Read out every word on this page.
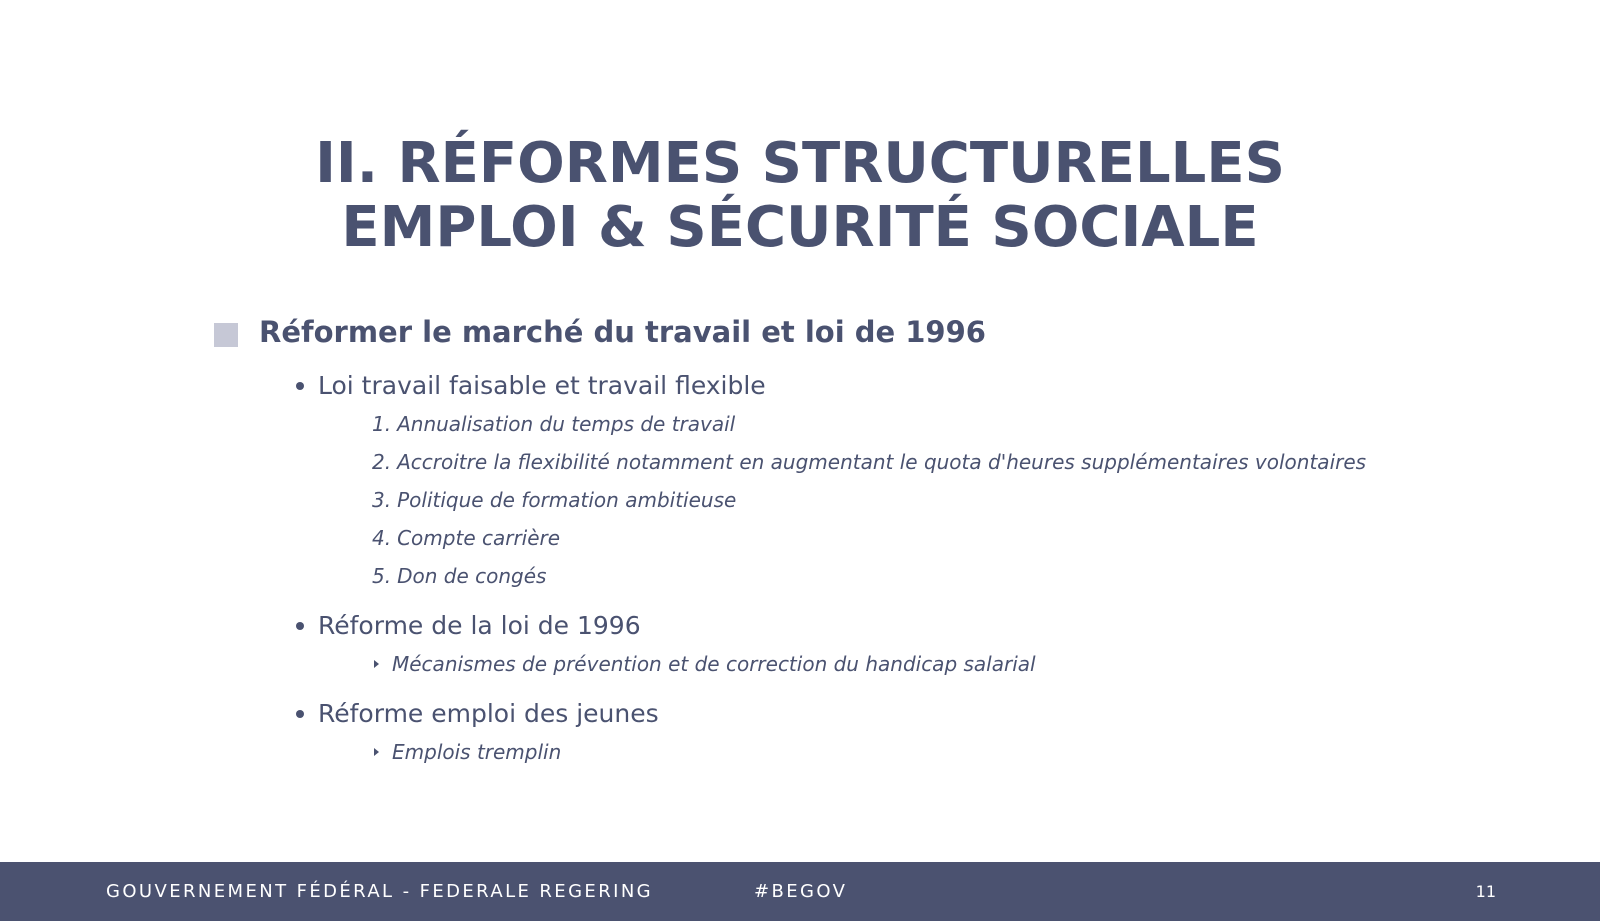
II. RÉFORMES STRUCTURELLES
EMPLOI & SÉCURITÉ SOCIALE
Réformer le marché du travail et loi de 1996
Loi travail faisable et travail flexible
1. Annualisation du temps de travail
2. Accroitre la flexibilité notamment en augmentant le quota d'heures supplémentaires volontaires
3. Politique de formation ambitieuse
4. Compte carrière
5. Don de congés
Réforme de la loi de 1996
Mécanismes de prévention et de correction du handicap salarial
Réforme emploi des jeunes
Emplois tremplin
GOUVERNEMENT FÉDÉRAL - FEDERALE REGERING	#BEGOV	11
